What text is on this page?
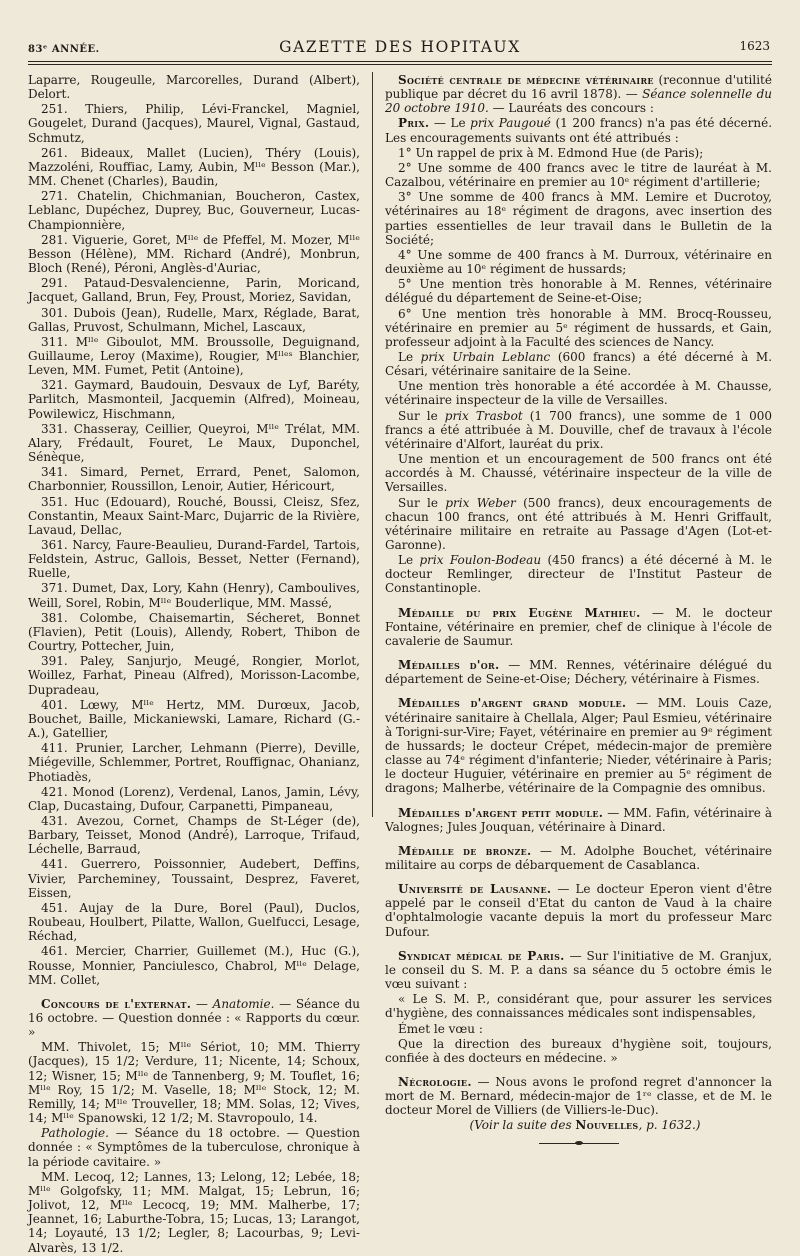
83ᵉ ANNÉE.	GAZETTE DES HOPITAUX	1623

Laparre, Rougeulle, Marcorelles, Durand (Albert), Delort.

251. Thiers, Philip, Lévi-Franckel, Magniel, Gougelet, Durand (Jacques), Maurel, Vignal, Gastaud, Schmutz,

261. Bideaux, Mallet (Lucien), Théry (Louis), Mazzoléni, Rouffiac, Lamy, Aubin, Mˡˡᵉ Besson (Mar.), MM. Chenet (Charles), Baudin,

271. Chatelin, Chichmanian, Boucheron, Castex, Leblanc, Dupéchez, Duprey, Buc, Gouverneur, Lucas-Championnière,

281. Viguerie, Goret, Mˡˡᵉ de Pfeffel, M. Mozer, Mˡˡᵉ Besson (Hélène), MM. Richard (André), Monbrun, Bloch (René), Péroni, Anglès-d'Auriac,

291. Pataud-Desvalencienne, Parin, Moricand, Jacquet, Galland, Brun, Fey, Proust, Moriez, Savidan,

301. Dubois (Jean), Rudelle, Marx, Réglade, Barat, Gallas, Pruvost, Schulmann, Michel, Lascaux,

311. Mˡˡᵉ Giboulot, MM. Broussolle, Deguignand, Guillaume, Leroy (Maxime), Rougier, Mˡˡᵉˢ Blanchier, Leven, MM. Fumet, Petit (Antoine),

321. Gaymard, Baudouin, Desvaux de Lyf, Baréty, Parlitch, Masmonteil, Jacquemin (Alfred), Moineau, Powilewicz, Hischmann,

331. Chasseray, Ceillier, Queyroi, Mˡˡᵉ Trélat, MM. Alary, Frédault, Fouret, Le Maux, Duponchel, Sénèque,

341. Simard, Pernet, Errard, Penet, Salomon, Charbonnier, Roussillon, Lenoir, Autier, Héricourt,

351. Huc (Edouard), Rouché, Boussi, Cleisz, Sfez, Constantin, Meaux Saint-Marc, Dujarric de la Rivière, Lavaud, Dellac,

361. Narcy, Faure-Beaulieu, Durand-Fardel, Tartois, Feldstein, Astruc, Gallois, Besset, Netter (Fernand), Ruelle,

371. Dumet, Dax, Lory, Kahn (Henry), Camboulives, Weill, Sorel, Robin, Mˡˡᵉ Bouderlique, MM. Massé,

381. Colombe, Chaisemartin, Sécheret, Bonnet (Flavien), Petit (Louis), Allendy, Robert, Thibon de Courtry, Pottecher, Juin,

391. Paley, Sanjurjo, Meugé, Rongier, Morlot, Woillez, Farhat, Pineau (Alfred), Morisson-Lacombe, Dupradeau,

401. Lœwy, Mˡˡᵉ Hertz, MM. Durœux, Jacob, Bouchet, Baille, Mickaniewski, Lamare, Richard (G.-A.), Gatellier,

411. Prunier, Larcher, Lehmann (Pierre), Deville, Miégeville, Schlemmer, Portret, Rouffignac, Ohanianz, Photiadès,

421. Monod (Lorenz), Verdenal, Lanos, Jamin, Lévy, Clap, Ducastaing, Dufour, Carpanetti, Pimpaneau,

431. Avezou, Cornet, Champs de St-Léger (de), Barbary, Teisset, Monod (André), Larroque, Trifaud, Léchelle, Barraud,

441. Guerrero, Poissonnier, Audebert, Deffins, Vivier, Parchemineу, Toussaint, Desprez, Faveret, Eissen,

451. Aujay de la Dure, Borel (Paul), Duclos, Roubeau, Houlbert, Pilatte, Wallon, Guelfucci, Lesage, Réchad,

461. Mercier, Charrier, Guillemet (M.), Huc (G.), Rousse, Monnier, Panciulesco, Chabrol, Mˡˡᵉ Delage, MM. Collet,

Concours de l'externat. — Anatomie. — Séance du 16 octobre. — Question donnée : « Rapports du cœur. »

MM. Thivolet, 15; Mˡˡᵉ Sériot, 10; MM. Thierry (Jacques), 15 1/2; Verdure, 11; Nicente, 14; Schoux, 12; Wisner, 15; Mˡˡᵉ de Tannenberg, 9; M. Touflet, 16; Mˡˡᵉ Roy, 15 1/2; M. Vaselle, 18; Mˡˡᵉ Stock, 12; M. Remilly, 14; Mˡˡᵉ Trouveller, 18; MM. Solas, 12; Vives, 14; Mˡˡᵉ Spanowski, 12 1/2; M. Stavropoulo, 14.

Pathologie. — Séance du 18 octobre. — Question donnée : « Symptômes de la tuberculose, chronique à la période cavitaire. »

MM. Lecoq, 12; Lannes, 13; Lelong, 12; Lebée, 18; Mˡˡᵉ Golgofsky, 11; MM. Malgat, 15; Lebrun, 16; Jolivot, 12, Mˡˡᵉ Lecocq, 19; MM. Malherbe, 17; Jeannet, 16; Laburthe-Tobra, 15; Lucas, 13; Larangot, 14; Loyauté, 13 1/2; Legler, 8; Lacourbas, 9; Levi-Alvarès, 13 1/2.

Société centrale de médecine vétérinaire (reconnue d'utilité publique par décret du 16 avril 1878). — Séance solennelle du 20 octobre 1910. — Lauréats des concours :

Prix. — Le prix Paugoué (1 200 francs) n'a pas été décerné. Les encouragements suivants ont été attribués :

1° Un rappel de prix à M. Edmond Hue (de Paris);

2° Une somme de 400 francs avec le titre de lauréat à M. Cazalbou, vétérinaire en premier au 10ᵉ régiment d'artillerie;

3° Une somme de 400 francs à MM. Lemire et Ducrotoy, vétérinaires au 18ᵉ régiment de dragons, avec insertion des parties essentielles de leur travail dans le Bulletin de la Société;

4° Une somme de 400 francs à M. Durroux, vétérinaire en deuxième au 10ᵉ régiment de hussards;

5° Une mention très honorable à M. Rennes, vétérinaire délégué du département de Seine-et-Oise;

6° Une mention très honorable à MM. Brocq-Rousseu, vétérinaire en premier au 5ᵉ régiment de hussards, et Gain, professeur adjoint à la Faculté des sciences de Nancy.

Le prix Urbain Leblanc (600 francs) a été décerné à M. Césari, vétérinaire sanitaire de la Seine.

Une mention très honorable a été accordée à M. Chausse, vétérinaire inspecteur de la ville de Versailles.

Sur le prix Trasbot (1 700 francs), une somme de 1 000 francs a été attribuée à M. Douville, chef de travaux à l'école vétérinaire d'Alfort, lauréat du prix.

Une mention et un encouragement de 500 francs ont été accordés à M. Chaussé, vétérinaire inspecteur de la ville de Versailles.

Sur le prix Weber (500 francs), deux encouragements de chacun 100 francs, ont été attribués à M. Henri Griffault, vétérinaire militaire en retraite au Passage d'Agen (Lot-et-Garonne).

Le prix Foulon-Bodeau (450 francs) a été décerné à M. le docteur Remlinger, directeur de l'Institut Pasteur de Constantinople.

Médaille du prix Eugène Mathieu. — M. le docteur Fontaine, vétérinaire en premier, chef de clinique à l'école de cavalerie de Saumur.

Médailles d'or. — MM. Rennes, vétérinaire délégué du département de Seine-et-Oise; Déchery, vétérinaire à Fismes.

Médailles d'argent grand module. — MM. Louis Caze, vétérinaire sanitaire à Chellala, Alger; Paul Esmieu, vétérinaire à Torigni-sur-Vire; Fayet, vétérinaire en premier au 9ᵉ régiment de hussards; le docteur Crépet, médecin-major de première classe au 74ᵉ régiment d'infanterie; Nieder, vétérinaire à Paris; le docteur Huguier, vétérinaire en premier au 5ᵉ régiment de dragons; Malherbe, vétérinaire de la Compagnie des omnibus.

Médailles d'argent petit module. — MM. Fafin, vétérinaire à Valognes; Jules Jouquan, vétérinaire à Dinard.

Médaille de bronze. — M. Adolphe Bouchet, vétérinaire militaire au corps de débarquement de Casablanca.

Université de Lausanne. — Le docteur Eperon vient d'être appelé par le conseil d'Etat du canton de Vaud à la chaire d'ophtalmologie vacante depuis la mort du professeur Marc Dufour.

Syndicat médical de Paris. — Sur l'initiative de M. Granjux, le conseil du S. M. P. a dans sa séance du 5 octobre émis le vœu suivant :

« Le S. M. P., considérant que, pour assurer les services d'hygiène, des connaissances médicales sont indispensables,

Émet le vœu :

Que la direction des bureaux d'hygiène soit, toujours, confiée à des docteurs en médecine. »

Nécrologie. — Nous avons le profond regret d'annoncer la mort de M. Bernard, médecin-major de 1ʳᵉ classe, et de M. le docteur Morel de Villiers (de Villiers-le-Duc).

(Voir la suite des Nouvelles, p. 1632.)
